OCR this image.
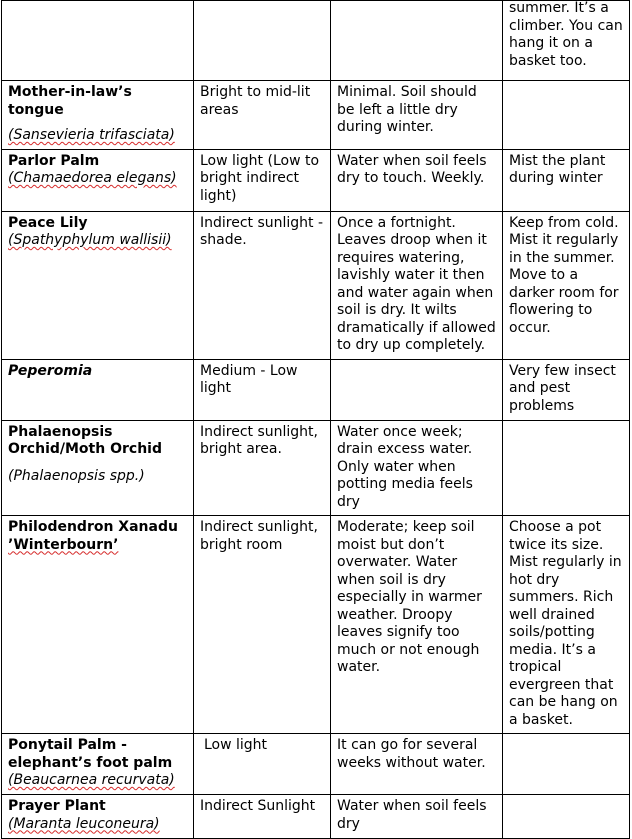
			summer. It’s a climber. You can hang it on a basket too.

Mother-in-law’s tongue
(Sansevieria trifasciata)	Bright to mid-lit areas	Minimal. Soil should be left a little dry during winter.	

Parlor Palm
(Chamaedorea elegans)	Low light (Low to bright indirect light)	Water when soil feels dry to touch. Weekly.	Mist the plant during winter

Peace Lily
(Spathyphylum wallisii)	Indirect sunlight - shade.	Once a fortnight. Leaves droop when it requires watering, lavishly water it then and water again when soil is dry. It wilts dramatically if allowed to dry up completely.	Keep from cold. Mist it regularly in the summer. Move to a darker room for flowering to occur.

Peperomia	Medium - Low light		Very few insect and pest problems

Phalaenopsis Orchid/Moth Orchid
(Phalaenopsis spp.)	Indirect sunlight, bright area.	Water once week; drain excess water. Only water when potting media feels dry	

Philodendron Xanadu
’Winterbourn’	Indirect sunlight, bright room	Moderate; keep soil moist but don’t overwater. Water when soil is dry especially in warmer weather. Droopy leaves signify too much or not enough water.	Choose a pot twice its size. Mist regularly in hot dry summers. Rich well drained soils/potting media. It’s a tropical evergreen that can be hang on a basket.

Ponytail Palm - elephant’s foot palm
(Beaucarnea recurvata)	Low light	It can go for several weeks without water.	

Prayer Plant
(Maranta leuconeura)	Indirect Sunlight	Water when soil feels dry	
